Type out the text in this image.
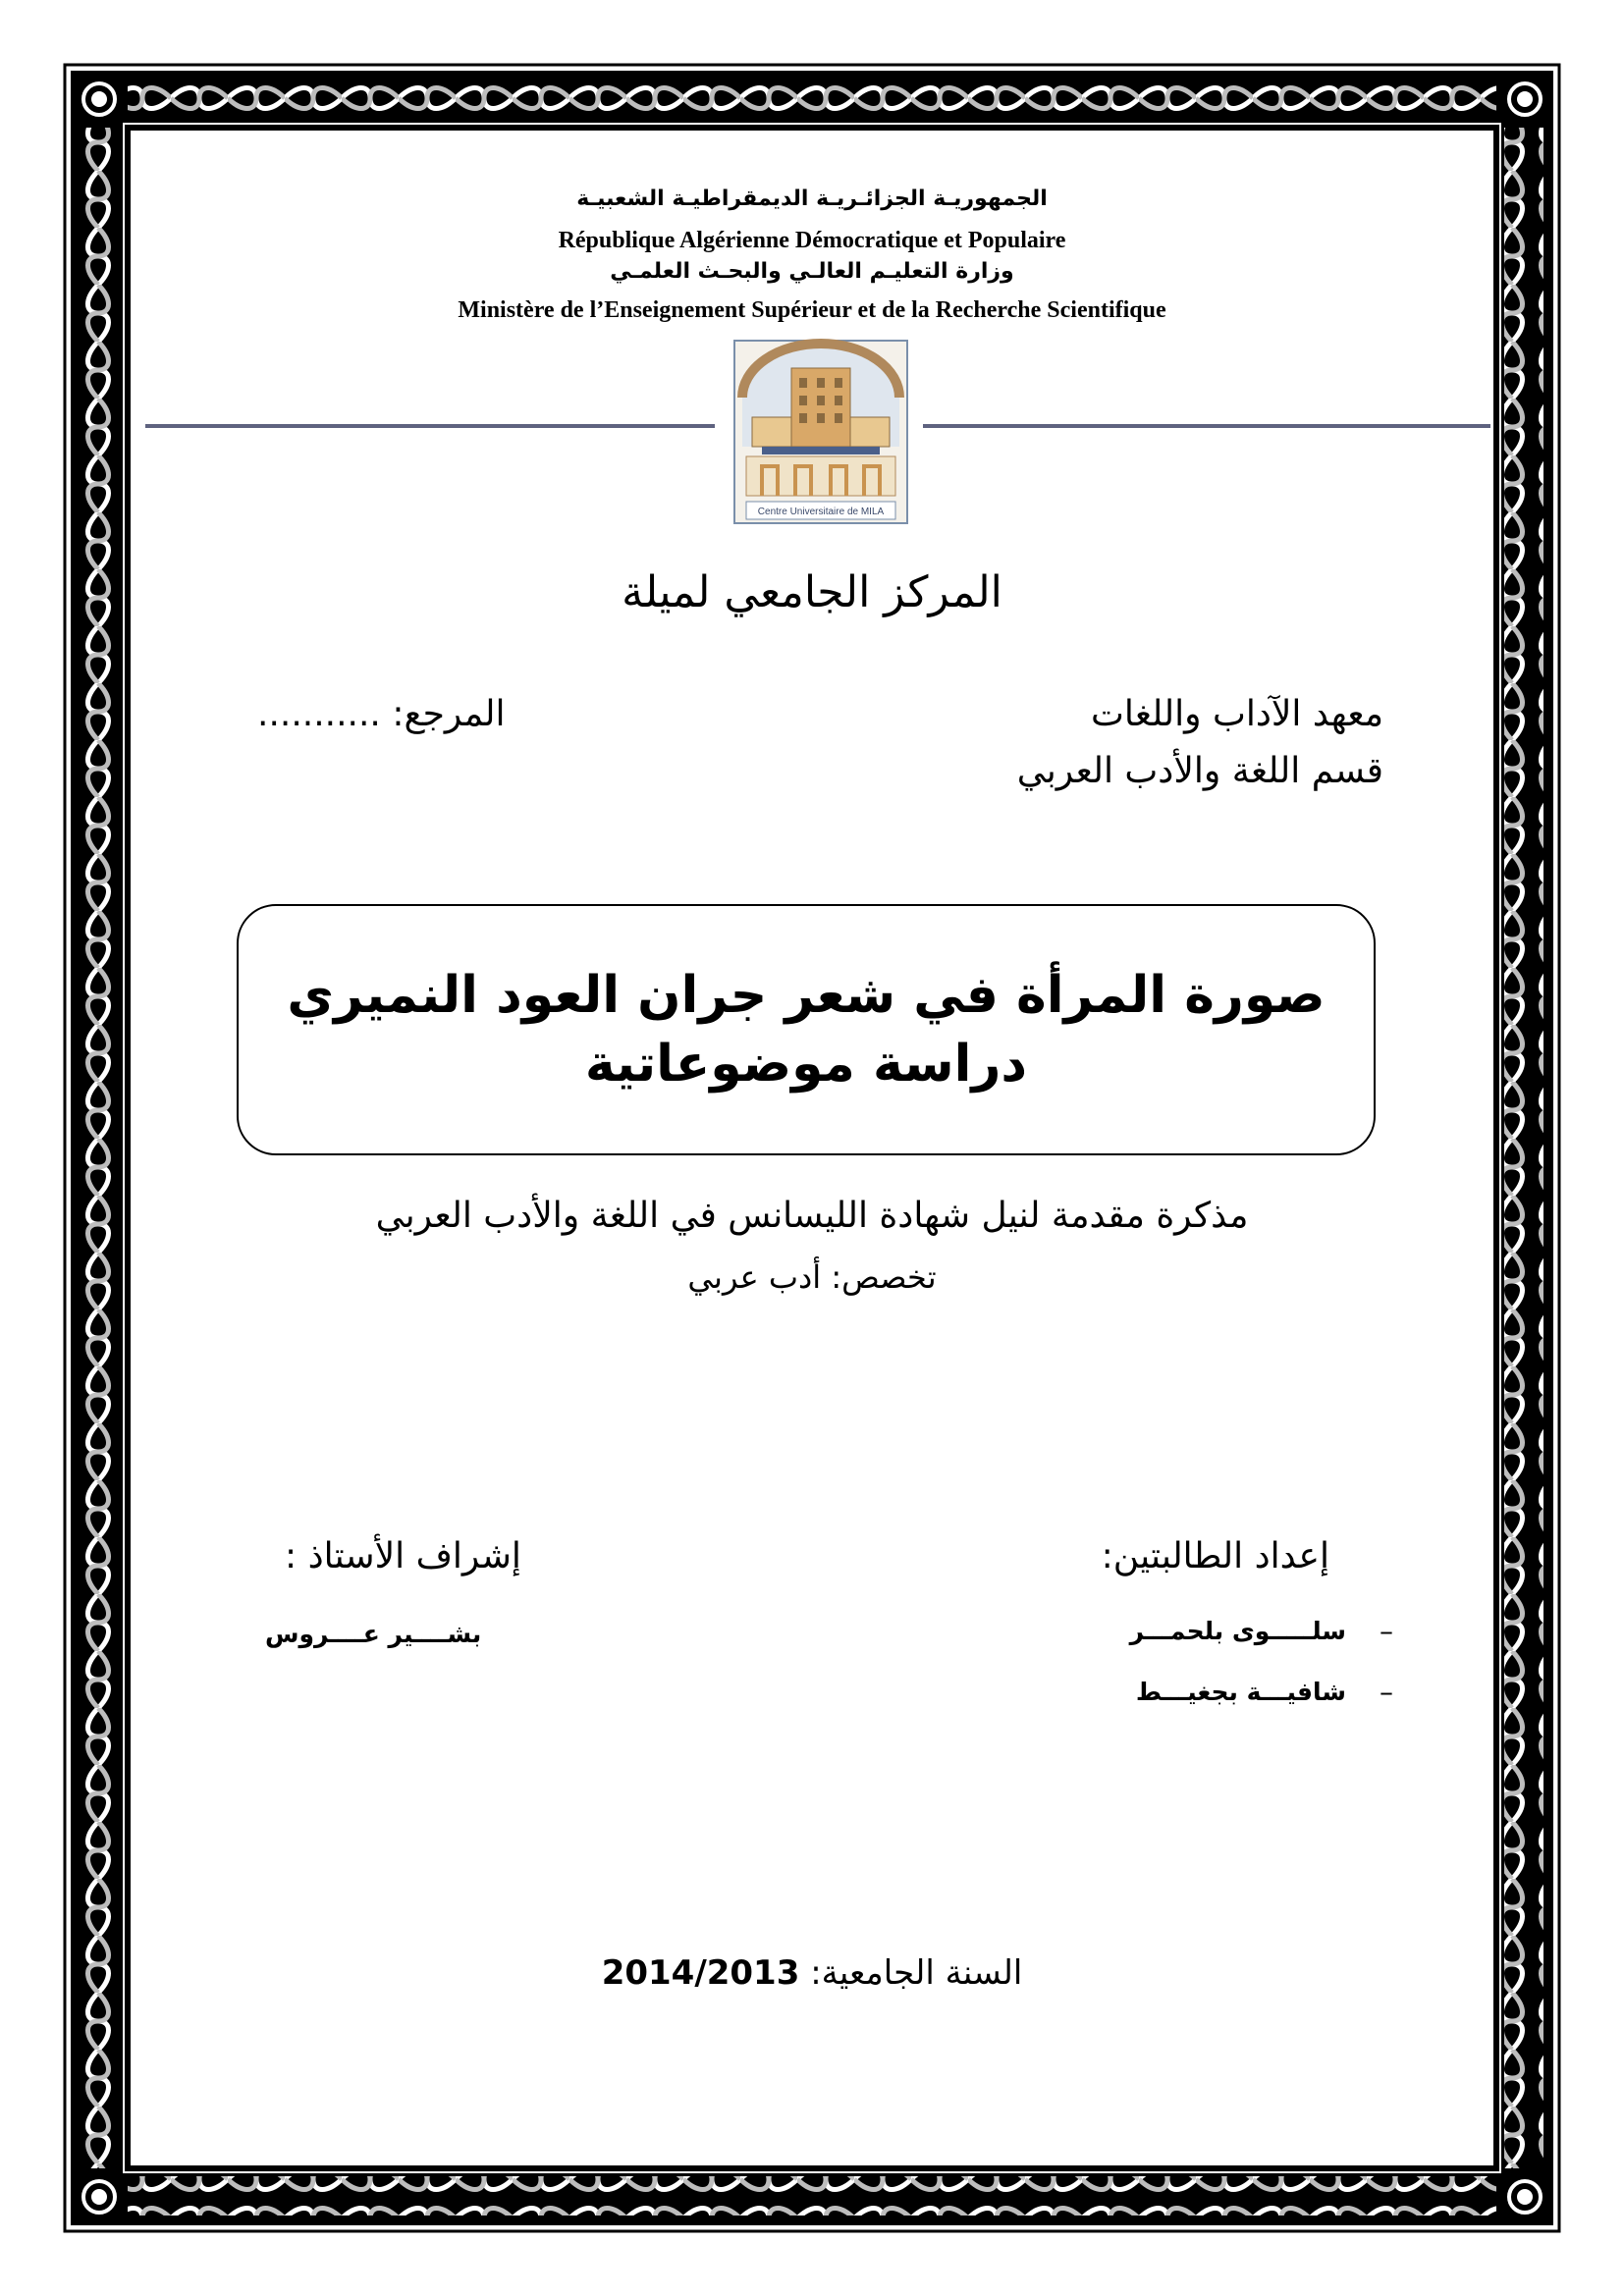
الجمهوريـة الجزائـريـة الديمقراطيـة الشعبيـة
République Algérienne Démocratique et Populaire
وزارة التعليـم العالـي والبحـث العلمـي
Ministère de l’Enseignement Supérieur et de la Recherche Scientifique
Centre Universitaire de MILA
المركز الجامعي لميلة
معهد الآداب واللغات
قسم اللغة والأدب العربي
المرجع: ...........
صورة المرأة في شعر جران العود النميري
دراسة موضوعاتية
مذكرة مقدمة لنيل شهادة الليسانس في اللغة والأدب العربي
تخصص: أدب عربي
إعداد الطالبتين:
–
سلـــــوى بلحمـــر
–
شافيـــة بجغيـــط
إشراف الأستاذ :
بشــــير عــــروس
السنة الجامعية: 2014/2013
